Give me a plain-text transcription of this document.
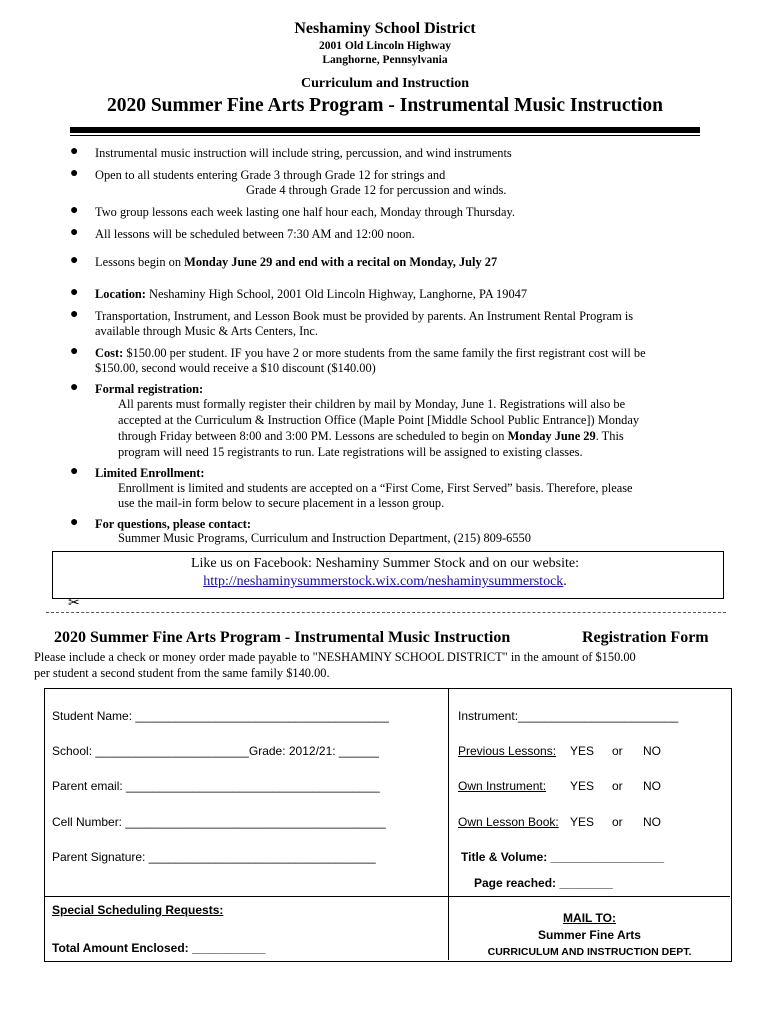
Neshaminy School District
2001 Old Lincoln Highway
Langhorne, Pennsylvania
Curriculum and Instruction
2020 Summer Fine Arts Program - Instrumental Music Instruction
● Instrumental music instruction will include string, percussion, and wind instruments
● Open to all students entering Grade 3 through Grade 12 for strings and
Grade 4 through Grade 12 for percussion and winds.
● Two group lessons each week lasting one half hour each, Monday through Thursday.
● All lessons will be scheduled between 7:30 AM and 12:00 noon.
● Lessons begin on Monday June 29 and end with a recital on Monday, July 27
● Location: Neshaminy High School, 2001 Old Lincoln Highway, Langhorne, PA 19047
● Transportation, Instrument, and Lesson Book must be provided by parents. An Instrument Rental Program is
available through Music & Arts Centers, Inc.
● Cost: $150.00 per student. IF you have 2 or more students from the same family the first registrant cost will be
$150.00, second would receive a $10 discount ($140.00)
● Formal registration:
All parents must formally register their children by mail by Monday, June 1. Registrations will also be
accepted at the Curriculum & Instruction Office (Maple Point [Middle School Public Entrance]) Monday
through Friday between 8:00 and 3:00 PM. Lessons are scheduled to begin on Monday June 29. This
program will need 15 registrants to run. Late registrations will be assigned to existing classes.
● Limited Enrollment:
Enrollment is limited and students are accepted on a “First Come, First Served” basis. Therefore, please
use the mail-in form below to secure placement in a lesson group.
● For questions, please contact:
Summer Music Programs, Curriculum and Instruction Department, (215) 809-6550
Like us on Facebook: Neshaminy Summer Stock and on our website:
http://neshaminysummerstock.wix.com/neshaminysummerstock.
✂
2020 Summer Fine Arts Program - Instrumental Music Instruction	Registration Form
Please include a check or money order made payable to "NESHAMINY SCHOOL DISTRICT" in the amount of $150.00
per student a second student from the same family $140.00.
Student Name: ______________________________________
School: _______________________Grade: 2012/21: ______
Parent email: ______________________________________
Cell Number: _______________________________________
Parent Signature: __________________________________
Instrument:________________________
Previous Lessons: YES or NO
Own Instrument: YES or NO
Own Lesson Book: YES or NO
Title & Volume: _________________
Page reached: ________
Special Scheduling Requests:
Total Amount Enclosed: ___________
MAIL TO:
Summer Fine Arts
CURRICULUM AND INSTRUCTION DEPT.
